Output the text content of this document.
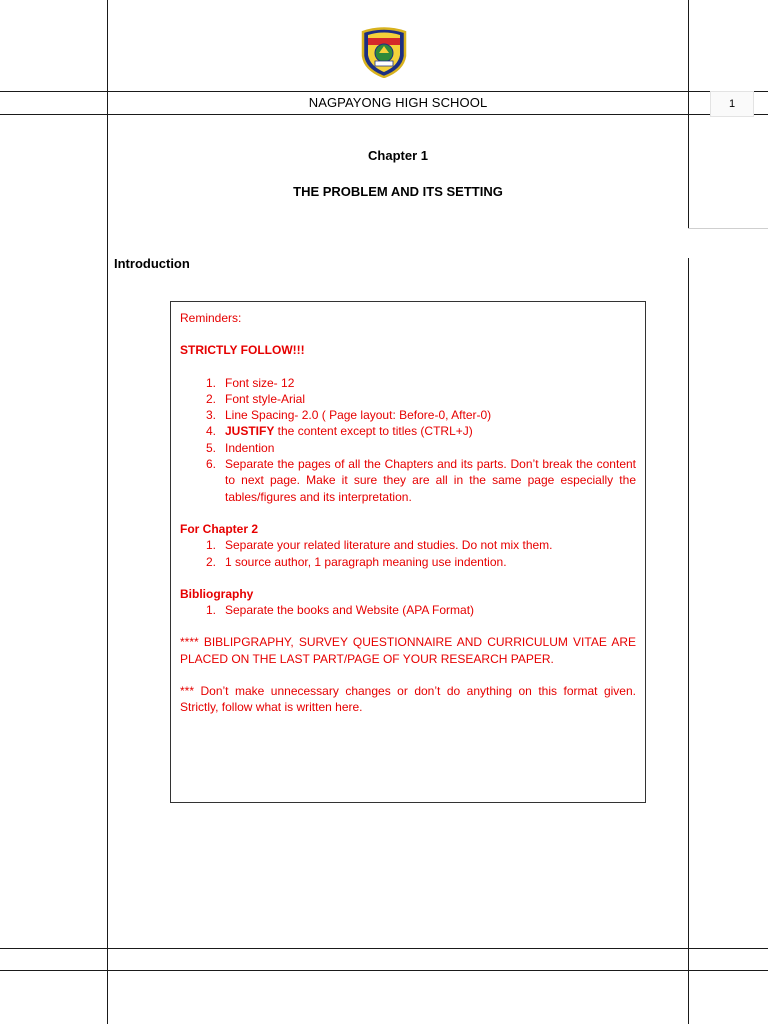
NAGPAYONG HIGH SCHOOL	1
Chapter 1
THE PROBLEM AND ITS SETTING
Introduction

Reminders:

STRICTLY FOLLOW!!!

1. Font size- 12
2. Font style-Arial
3. Line Spacing- 2.0 ( Page layout: Before-0, After-0)
4. JUSTIFY the content except to titles (CTRL+J)
5. Indention
6. Separate the pages of all the Chapters and its parts. Don’t break the content to next page. Make it sure they are all in the same page especially the tables/figures and its interpretation.

For Chapter 2

1. Separate your related literature and studies. Do not mix them.
2. 1 source author, 1 paragraph meaning use indention.

Bibliography

1. Separate the books and Website (APA Format)

**** BIBLIPGRAPHY, SURVEY QUESTIONNAIRE AND CURRICULUM VITAE ARE PLACED ON THE LAST PART/PAGE OF YOUR RESEARCH PAPER.

*** Don’t make unnecessary changes or don’t do anything on this format given. Strictly, follow what is written here.
